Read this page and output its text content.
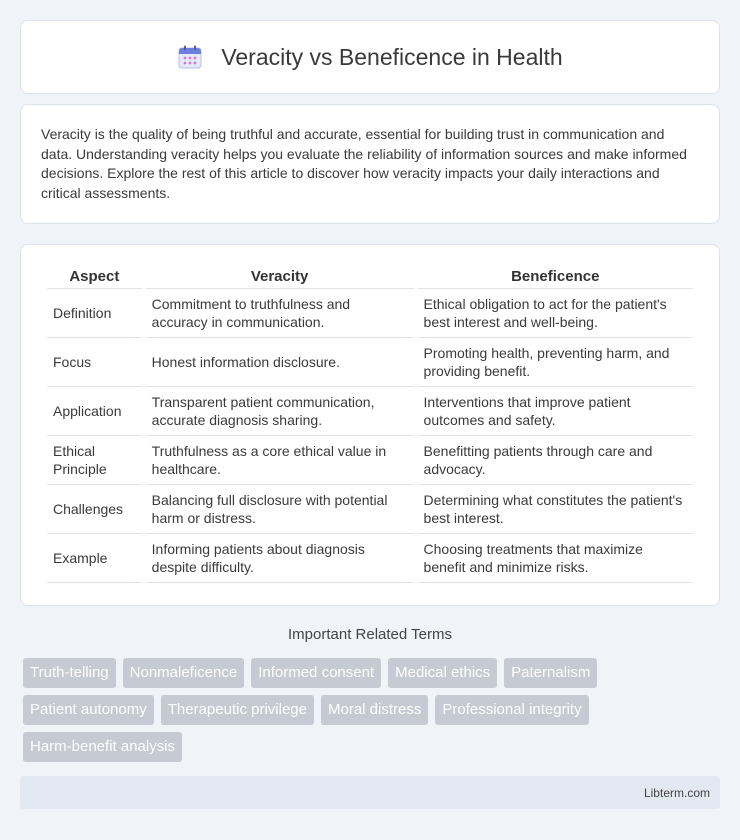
Veracity vs Beneficence in Health

Veracity is the quality of being truthful and accurate, essential for building trust in communication and data. Understanding veracity helps you evaluate the reliability of information sources and make informed decisions. Explore the rest of this article to discover how veracity impacts your daily interactions and critical assessments.

Aspect	Veracity	Beneficence
Definition	Commitment to truthfulness and accuracy in communication.	Ethical obligation to act for the patient's best interest and well-being.
Focus	Honest information disclosure.	Promoting health, preventing harm, and providing benefit.
Application	Transparent patient communication, accurate diagnosis sharing.	Interventions that improve patient outcomes and safety.
Ethical Principle	Truthfulness as a core ethical value in healthcare.	Benefitting patients through care and advocacy.
Challenges	Balancing full disclosure with potential harm or distress.	Determining what constitutes the patient's best interest.
Example	Informing patients about diagnosis despite difficulty.	Choosing treatments that maximize benefit and minimize risks.
Important Related Terms
Truth-telling	Nonmaleficence	Informed consent	Medical ethics	Paternalism
Patient autonomy	Therapeutic privilege	Moral distress	Professional integrity
Harm-benefit analysis
Libterm.com
